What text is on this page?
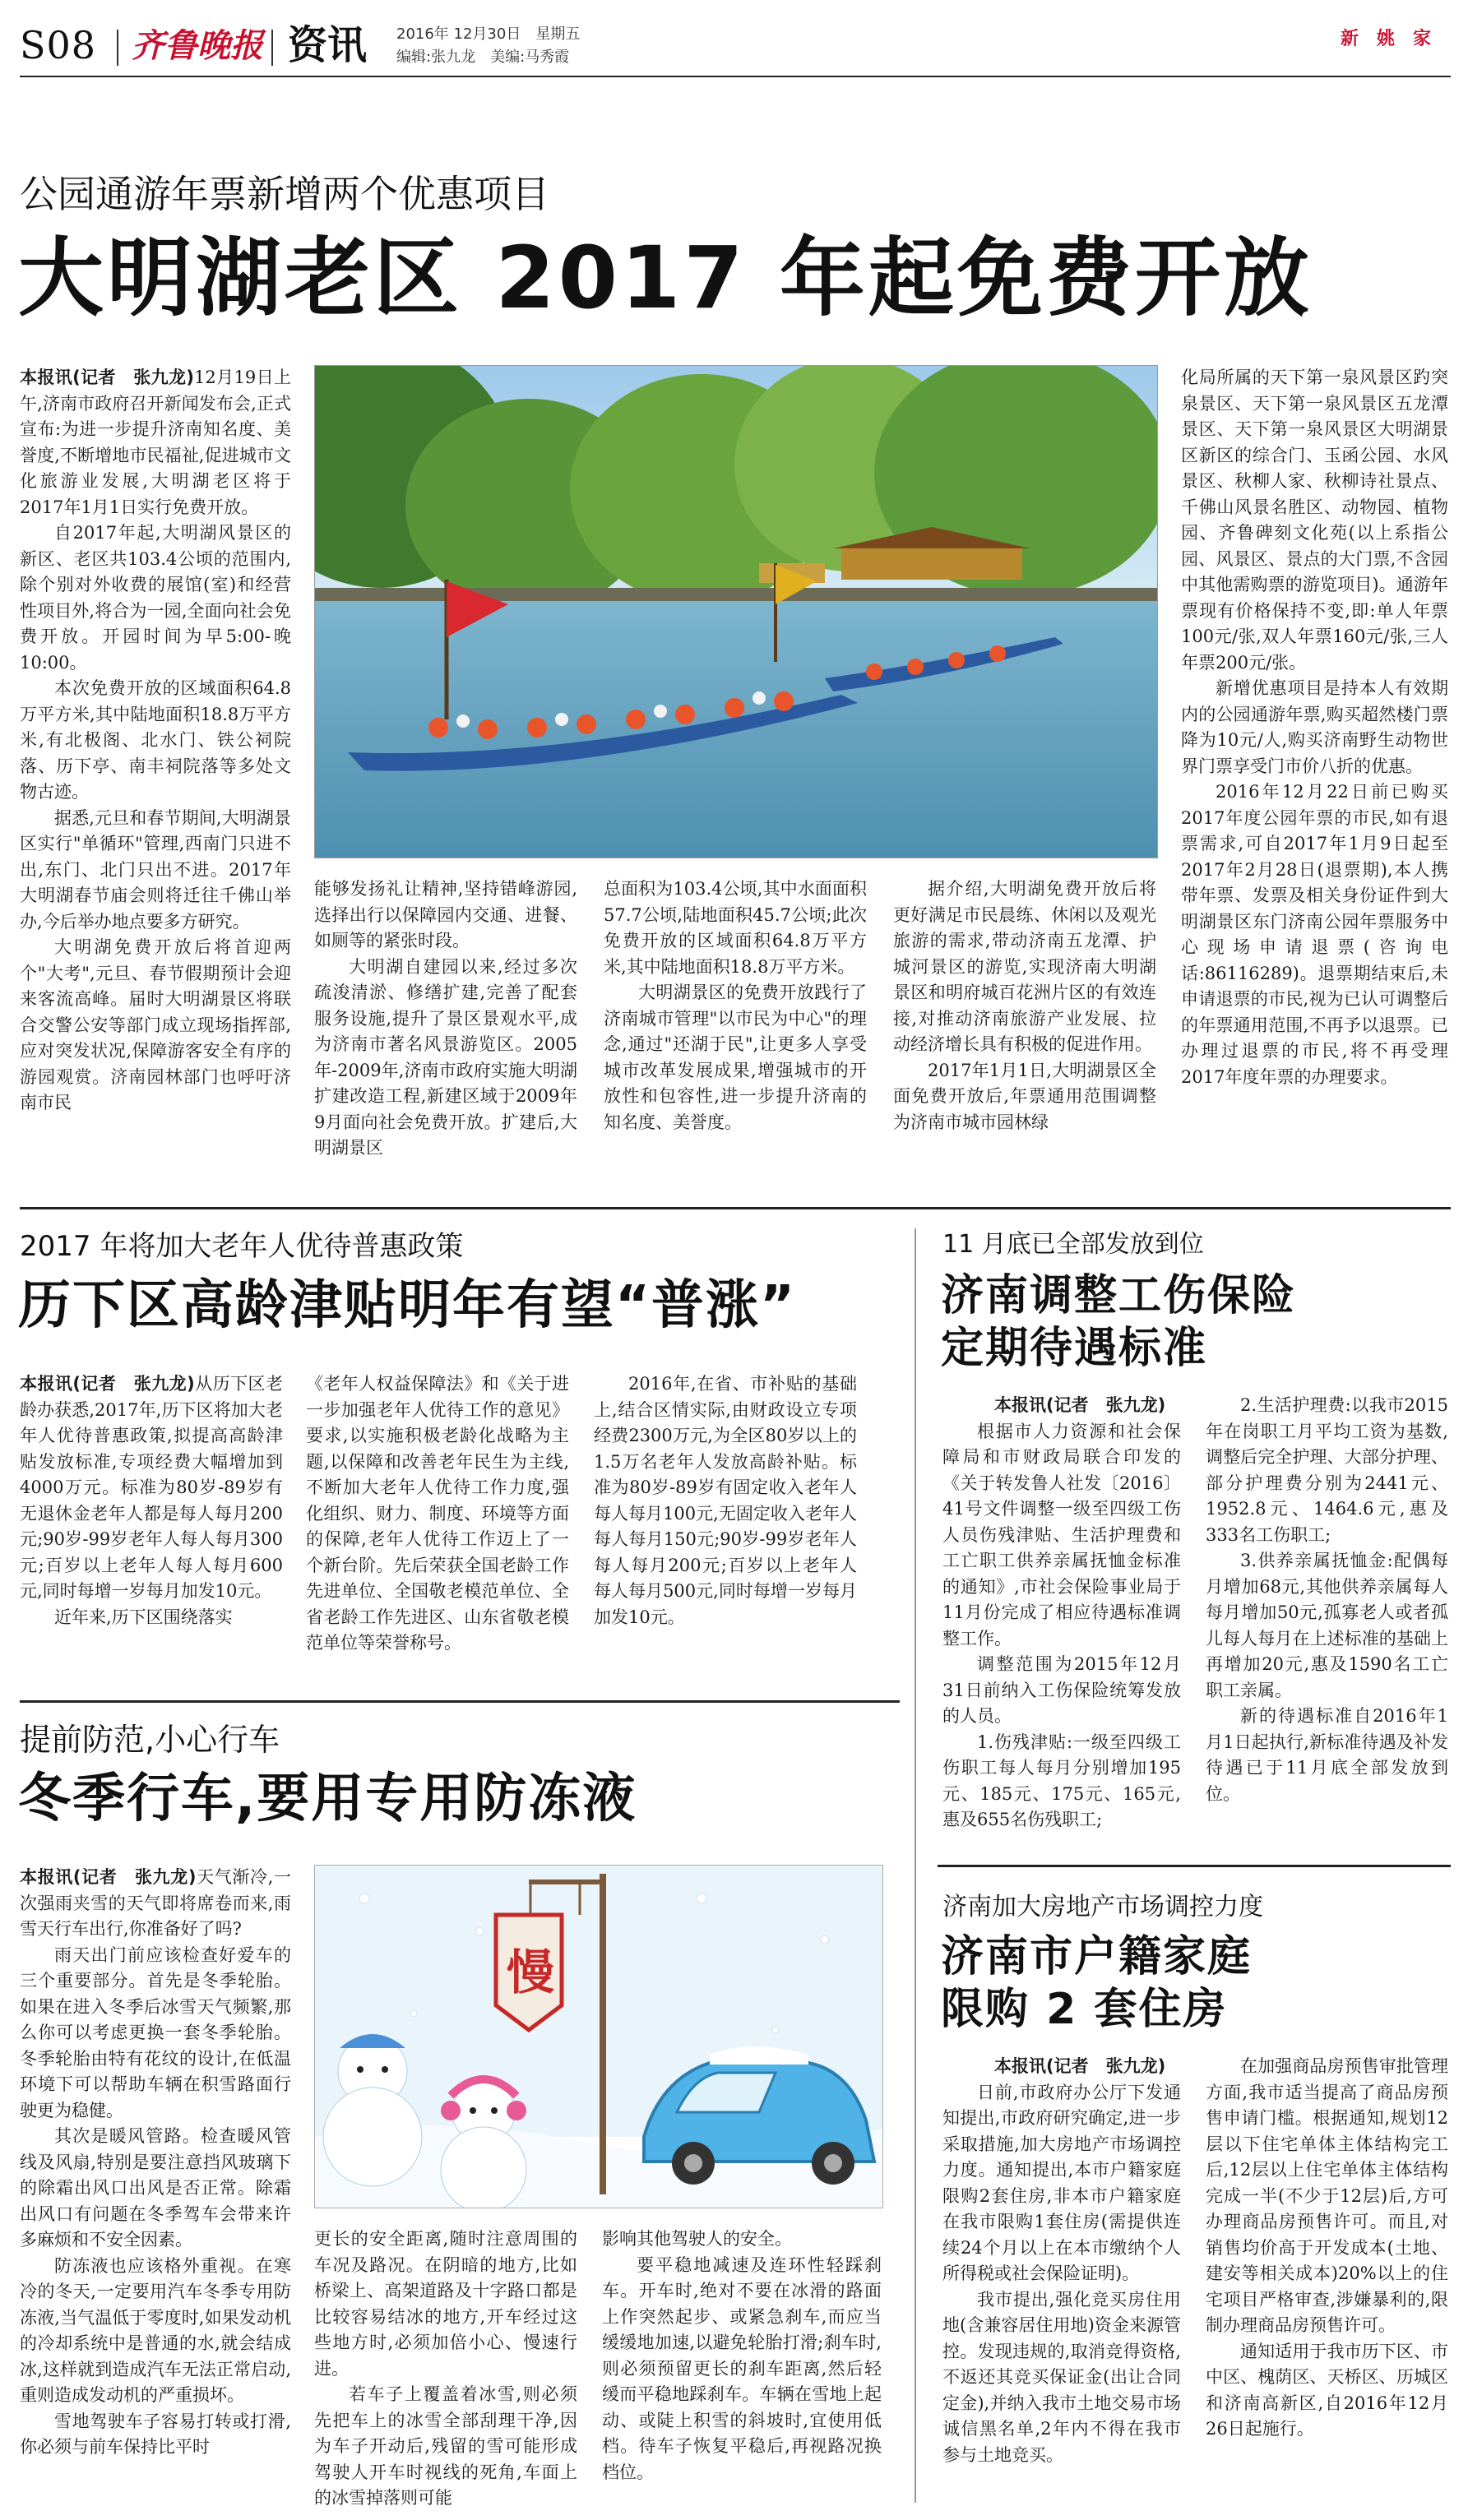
S08 齐鲁晚报 资讯 2016年 12月30日　星期五
编辑:张九龙　美编:马秀霞
新　姚　家
公园通游年票新增两个优惠项目
大明湖老区 2017 年起免费开放

本报讯(记者　张九龙)12月19日上午,济南市政府召开新闻发布会,正式宣布:为进一步提升济南知名度、美誉度,不断增地市民福祉,促进城市文化旅游业发展,大明湖老区将于2017年1月1日实行免费开放。

自2017年起,大明湖风景区的新区、老区共103.4公顷的范围内,除个别对外收费的展馆(室)和经营性项目外,将合为一园,全面向社会免费开放。开园时间为早5:00-晚10:00。

本次免费开放的区域面积64.8万平方米,其中陆地面积18.8万平方米,有北极阁、北水门、铁公祠院落、历下亭、南丰祠院落等多处文物古迹。

据悉,元旦和春节期间,大明湖景区实行"单循环"管理,西南门只进不出,东门、北门只出不进。2017年大明湖春节庙会则将迁往千佛山举办,今后举办地点要多方研究。

大明湖免费开放后将首迎两个"大考",元旦、春节假期预计会迎来客流高峰。届时大明湖景区将联合交警公安等部门成立现场指挥部,应对突发状况,保障游客安全有序的游园观赏。济南园林部门也呼吁济南市民

能够发扬礼让精神,坚持错峰游园,选择出行以保障园内交通、进餐、如厕等的紧张时段。

大明湖自建园以来,经过多次疏浚清淤、修缮扩建,完善了配套服务设施,提升了景区景观水平,成为济南市著名风景游览区。2005年-2009年,济南市政府实施大明湖扩建改造工程,新建区域于2009年9月面向社会免费开放。扩建后,大明湖景区

总面积为103.4公顷,其中水面面积57.7公顷,陆地面积45.7公顷;此次免费开放的区域面积64.8万平方米,其中陆地面积18.8万平方米。

大明湖景区的免费开放践行了济南城市管理"以市民为中心"的理念,通过"还湖于民",让更多人享受城市改革发展成果,增强城市的开放性和包容性,进一步提升济南的知名度、美誉度。

据介绍,大明湖免费开放后将更好满足市民晨练、休闲以及观光旅游的需求,带动济南五龙潭、护城河景区的游览,实现济南大明湖景区和明府城百花洲片区的有效连接,对推动济南旅游产业发展、拉动经济增长具有积极的促进作用。

2017年1月1日,大明湖景区全面免费开放后,年票通用范围调整为济南市城市园林绿

化局所属的天下第一泉风景区趵突泉景区、天下第一泉风景区五龙潭景区、天下第一泉风景区大明湖景区新区的综合门、玉函公园、水风景区、秋柳人家、秋柳诗社景点、千佛山风景名胜区、动物园、植物园、齐鲁碑刻文化苑(以上系指公园、风景区、景点的大门票,不含园中其他需购票的游览项目)。通游年票现有价格保持不变,即:单人年票100元/张,双人年票160元/张,三人年票200元/张。

新增优惠项目是持本人有效期内的公园通游年票,购买超然楼门票降为10元/人,购买济南野生动物世界门票享受门市价八折的优惠。

2016年12月22日前已购买2017年度公园年票的市民,如有退票需求,可自2017年1月9日起至2017年2月28日(退票期),本人携带年票、发票及相关身份证件到大明湖景区东门济南公园年票服务中心现场申请退票(咨询电话:86116289)。退票期结束后,未申请退票的市民,视为已认可调整后的年票通用范围,不再予以退票。已办理过退票的市民,将不再受理2017年度年票的办理要求。

2017 年将加大老年人优待普惠政策
历下区高龄津贴明年有望“普涨”

本报讯(记者　张九龙)从历下区老龄办获悉,2017年,历下区将加大老年人优待普惠政策,拟提高高龄津贴发放标准,专项经费大幅增加到4000万元。标准为80岁-89岁有无退休金老年人都是每人每月200元;90岁-99岁老年人每人每月300元;百岁以上老年人每人每月600元,同时每增一岁每月加发10元。

近年来,历下区围绕落实

《老年人权益保障法》和《关于进一步加强老年人优待工作的意见》要求,以实施积极老龄化战略为主题,以保障和改善老年民生为主线,不断加大老年人优待工作力度,强化组织、财力、制度、环境等方面的保障,老年人优待工作迈上了一个新台阶。先后荣获全国老龄工作先进单位、全国敬老模范单位、全省老龄工作先进区、山东省敬老模范单位等荣誉称号。

2016年,在省、市补贴的基础上,结合区情实际,由财政设立专项经费2300万元,为全区80岁以上的1.5万名老年人发放高龄补贴。标准为80岁-89岁有固定收入老年人每人每月100元,无固定收入老年人每人每月150元;90岁-99岁老年人每人每月200元;百岁以上老年人每人每月500元,同时每增一岁每月加发10元。

11 月底已全部发放到位
济南调整工伤保险
定期待遇标准

本报讯(记者　张九龙)

根据市人力资源和社会保障局和市财政局联合印发的《关于转发鲁人社发〔2016〕41号文件调整一级至四级工伤人员伤残津贴、生活护理费和工亡职工供养亲属抚恤金标准的通知》,市社会保险事业局于11月份完成了相应待遇标准调整工作。

调整范围为2015年12月31日前纳入工伤保险统筹发放的人员。

1.伤残津贴:一级至四级工伤职工每人每月分别增加195元、185元、175元、165元,惠及655名伤残职工;

2.生活护理费:以我市2015年在岗职工月平均工资为基数,调整后完全护理、大部分护理、部分护理费分别为2441元、1952.8元、1464.6元,惠及333名工伤职工;

3.供养亲属抚恤金:配偶每月增加68元,其他供养亲属每人每月增加50元,孤寡老人或者孤儿每人每月在上述标准的基础上再增加20元,惠及1590名工亡职工亲属。

新的待遇标准自2016年1月1日起执行,新标准待遇及补发待遇已于11月底全部发放到位。

提前防范,小心行车
冬季行车,要用专用防冻液
慢

本报讯(记者　张九龙)天气渐冷,一次强雨夹雪的天气即将席卷而来,雨雪天行车出行,你准备好了吗?

雨天出门前应该检查好爱车的三个重要部分。首先是冬季轮胎。如果在进入冬季后冰雪天气频繁,那么你可以考虑更换一套冬季轮胎。冬季轮胎由特有花纹的设计,在低温环境下可以帮助车辆在积雪路面行驶更为稳健。

其次是暖风管路。检查暖风管线及风扇,特别是要注意挡风玻璃下的除霜出风口出风是否正常。除霜出风口有问题在冬季驾车会带来许多麻烦和不安全因素。

防冻液也应该格外重视。在寒冷的冬天,一定要用汽车冬季专用防冻液,当气温低于零度时,如果发动机的冷却系统中是普通的水,就会结成冰,这样就到造成汽车无法正常启动,重则造成发动机的严重损坏。

雪地驾驶车子容易打转或打滑,你必须与前车保持比平时

更长的安全距离,随时注意周围的车况及路况。在阴暗的地方,比如桥梁上、高架道路及十字路口都是比较容易结冰的地方,开车经过这些地方时,必须加倍小心、慢速行进。

若车子上覆盖着冰雪,则必须先把车上的冰雪全部刮理干净,因为车子开动后,残留的雪可能形成驾驶人开车时视线的死角,车面上的冰雪掉落则可能

影响其他驾驶人的安全。

要平稳地减速及连环性轻踩刹车。开车时,绝对不要在冰滑的路面上作突然起步、或紧急刹车,而应当缓缓地加速,以避免轮胎打滑;刹车时,则必须预留更长的刹车距离,然后轻缓而平稳地踩刹车。车辆在雪地上起动、或陡上积雪的斜坡时,宜使用低档。待车子恢复平稳后,再视路况换档位。

济南加大房地产市场调控力度
济南市户籍家庭
限购 2 套住房

本报讯(记者　张九龙)

日前,市政府办公厅下发通知提出,市政府研究确定,进一步采取措施,加大房地产市场调控力度。通知提出,本市户籍家庭限购2套住房,非本市户籍家庭在我市限购1套住房(需提供连续24个月以上在本市缴纳个人所得税或社会保险证明)。

我市提出,强化竞买房住用地(含兼容居住用地)资金来源管控。发现违规的,取消竞得资格,不返还其竞买保证金(出让合同定金),并纳入我市土地交易市场诚信黑名单,2年内不得在我市参与土地竞买。

在加强商品房预售审批管理方面,我市适当提高了商品房预售申请门槛。根据通知,规划12层以下住宅单体主体结构完工后,12层以上住宅单体主体结构完成一半(不少于12层)后,方可办理商品房预售许可。而且,对销售均价高于开发成本(土地、建安等相关成本)20%以上的住宅项目严格审查,涉嫌暴利的,限制办理商品房预售许可。

通知适用于我市历下区、市中区、槐荫区、天桥区、历城区和济南高新区,自2016年12月26日起施行。
